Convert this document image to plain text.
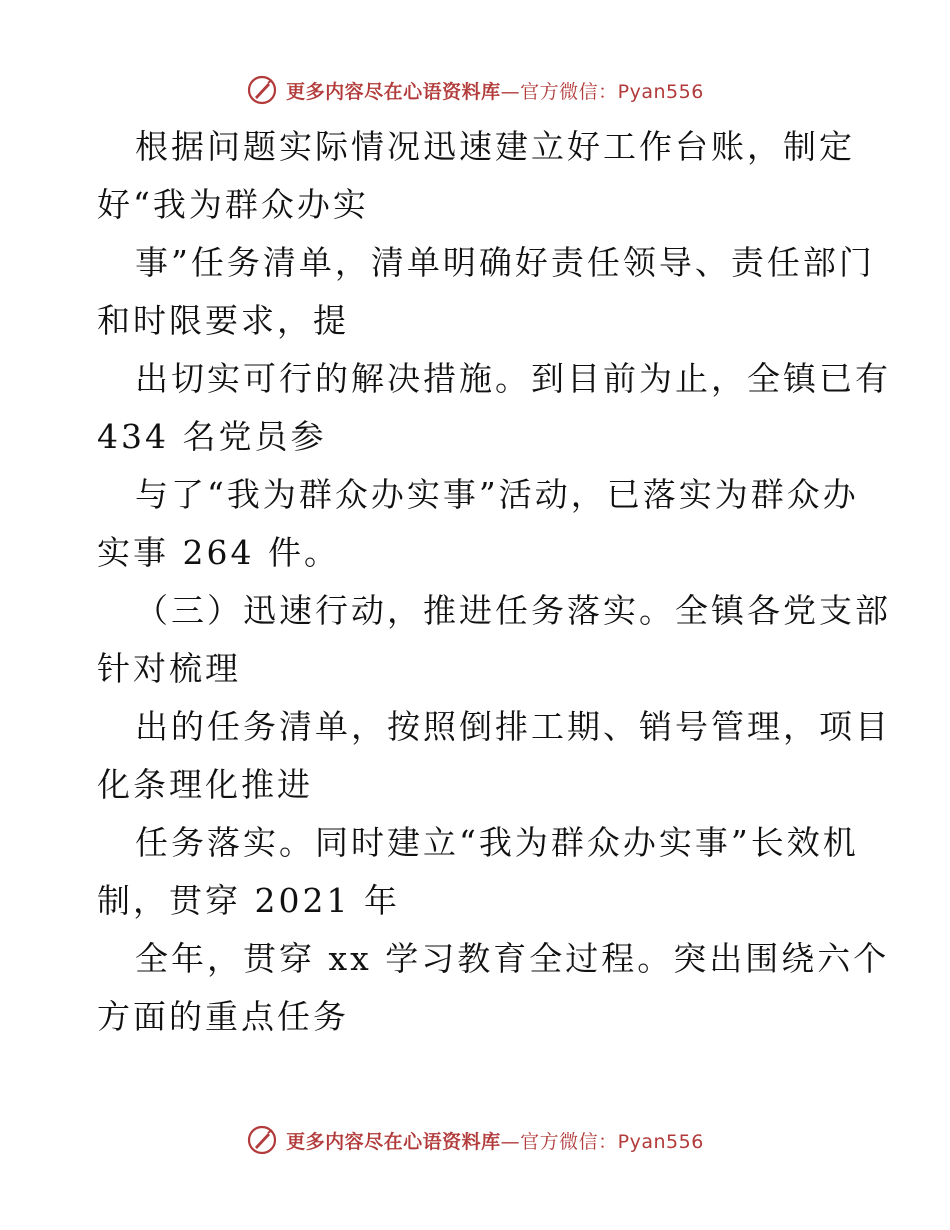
更多内容尽在心语资料库—官方微信：Pyan556
根据问题实际情况迅速建立好工作台账，制定
好“我为群众办实
事”任务清单，清单明确好责任领导、责任部门
和时限要求，提
出切实可行的解决措施。到目前为止，全镇已有
434 名党员参
与了“我为群众办实事”活动，已落实为群众办
实事 264 件。
（三）迅速行动，推进任务落实。全镇各党支部
针对梳理
出的任务清单，按照倒排工期、销号管理，项目
化条理化推进
任务落实。同时建立“我为群众办实事”长效机
制，贯穿 2021 年
全年，贯穿 xx 学习教育全过程。突出围绕六个
方面的重点任务
更多内容尽在心语资料库—官方微信：Pyan556
